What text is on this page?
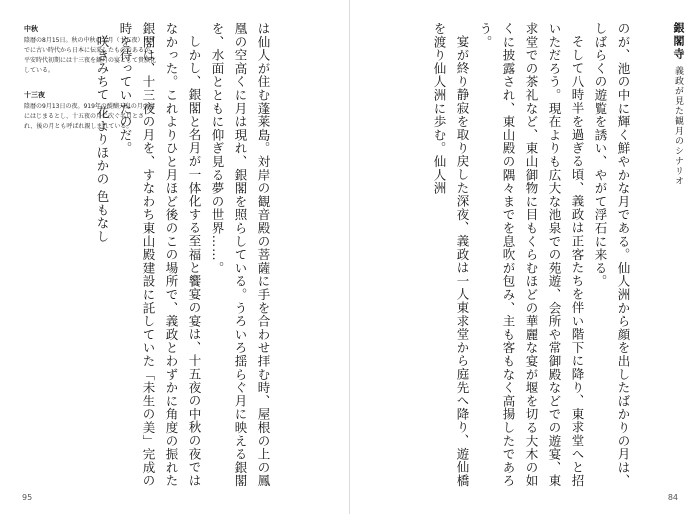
中秋
陰暦の8月15日。秋の中秋の名月（十五夜）はすでに古い時代から日本に伝来したものであるが、平安時代初期には十三夜を観月の宴として貴族化している。
十三夜
陰暦の9月13日の夜。919年の醍醐天皇の月の宴にはじまるとし、十五夜の月に次ぐ名月とされ、後の月とも呼ばれ親しまれている。	は仙人が住む蓬莱島。対岸の観音殿の菩薩に手を合わせ拝む時、屋根の上の鳳凰の空高くに月は現れ、銀閣を照らしている。うろいろ揺らぐ月に映える銀閣を、水面とともに仰ぎ見る夢の世界……。

しかし、銀閣と名月が一体化する至福と饗宴の宴は、十五夜の中秋の夜ではなかった。これよりひと月ほど後のこの場所で、義政とわずかに角度の振れた銀閣は、十三夜の月を、すなわち東山殿建設に託していた「未生の美」完成の時を待っていたのだ。

咲きみちて 花よりほかの 色もなし

95
銀閣寺 義政が見た観月のシナリオ

のが、池の中に輝く鮮やかな月である。仙人洲から顔を出したばかりの月は、しばらくの遊覧を誘い、やがて浮石に来る。

そして八時半を過ぎる頃、義政は正客たちを伴い階下に降り、東求堂へと招いただろう。現在よりも広大な池泉での苑遊、会所や常御殿などでの遊宴、東求堂での茶礼など、東山御物に目もくらむほどの華麗な宴が堰を切る大木の如くに披露され、東山殿の隅々までを息吹が包み、主も客もなく高揚したであろう。

宴が終り静寂を取り戻した深夜、義政は一人東求堂から庭先へ降り、遊仙橋を渡り仙人洲に歩む。仙人洲

84
